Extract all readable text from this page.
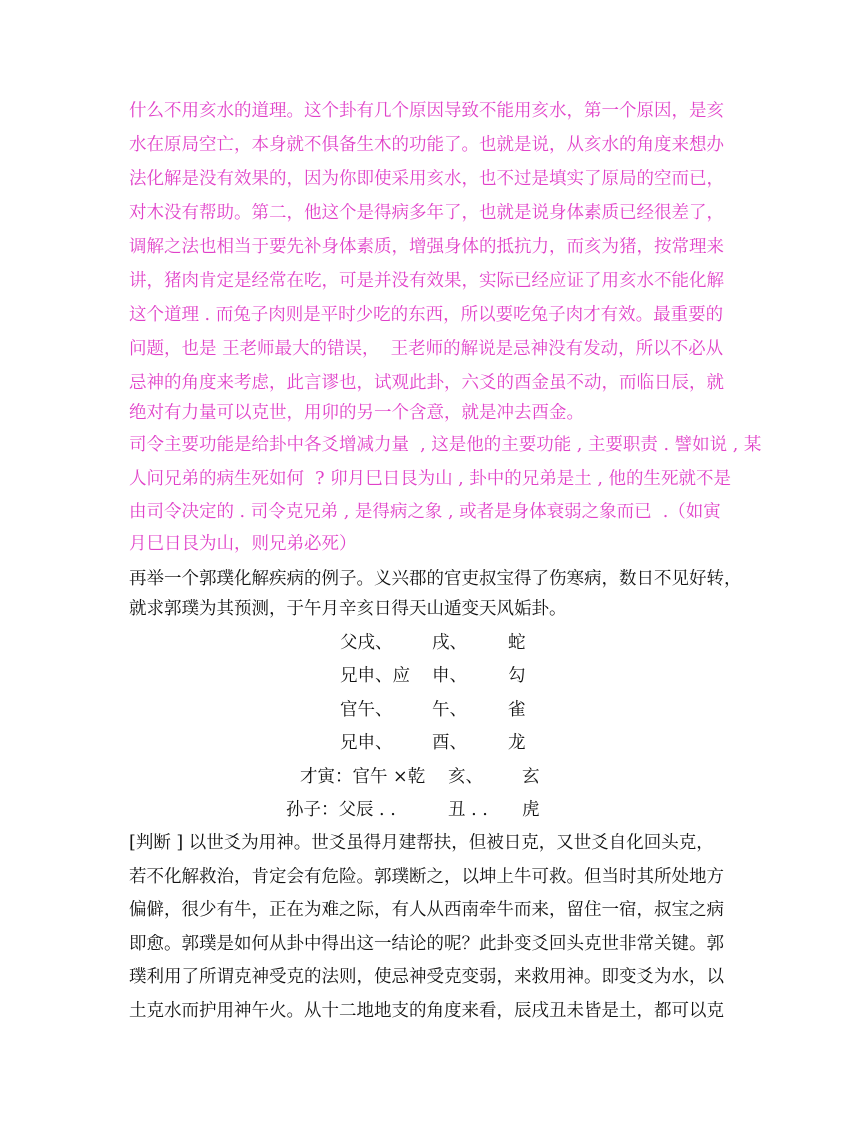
什么不用亥水的道理。这个卦有几个原因导致不能用亥水，第一个原因，是亥
水在原局空亡，本身就不俱备生木的功能了。也就是说，从亥水的角度来想办
法化解是没有效果的，因为你即使采用亥水，也不过是填实了原局的空而已，
对木没有帮助。第二，他这个是得病多年了，也就是说身体素质已经很差了，
调解之法也相当于要先补身体素质，增强身体的抵抗力，而亥为猪，按常理来
讲，猪肉肯定是经常在吃，可是并没有效果，实际已经应证了用亥水不能化解
这个道理 . 而兔子肉则是平时少吃的东西，所以要吃兔子肉才有效。最重要的
问题，也是 王老师最大的错误，  王老师的解说是忌神没有发动，所以不必从
忌神的角度来考虑，此言谬也，试观此卦，六爻的酉金虽不动，而临日辰，就
绝对有力量可以克世，用卯的另一个含意，就是冲去酉金。
司令主要功能是给卦中各爻增减力量  , 这是他的主要功能 , 主要职责 . 譬如说 , 某
人问兄弟的病生死如何  ? 卯月巳日艮为山 , 卦中的兄弟是土 , 他的生死就不是
由司令决定的 . 司令克兄弟 , 是得病之象 , 或者是身体衰弱之象而已  .（如寅
月巳日艮为山，则兄弟必死）
再举一个郭璞化解疾病的例子。义兴郡的官吏叔宝得了伤寒病，数日不见好转，
就求郭璞为其预测，于午月辛亥日得天山遁变天风姤卦。
父戌、 戌、 蛇
兄申、应 申、 勾
官午、 午、 雀
兄申、 酉、 龙
才寅：官午 ×乾 亥、 玄
孙子：父辰 . .	丑 . . 虎
[判断 ] 以世爻为用神。世爻虽得月建帮扶，但被日克，又世爻自化回头克，
若不化解救治，肯定会有危险。郭璞断之，以坤上牛可救。但当时其所处地方
偏僻，很少有牛，正在为难之际，有人从西南牵牛而来，留住一宿，叔宝之病
即愈。郭璞是如何从卦中得出这一结论的呢？此卦变爻回头克世非常关键。郭
璞利用了所谓克神受克的法则，使忌神受克变弱，来救用神。即变爻为水，以
土克水而护用神午火。从十二地地支的角度来看，辰戌丑未皆是土，都可以克
